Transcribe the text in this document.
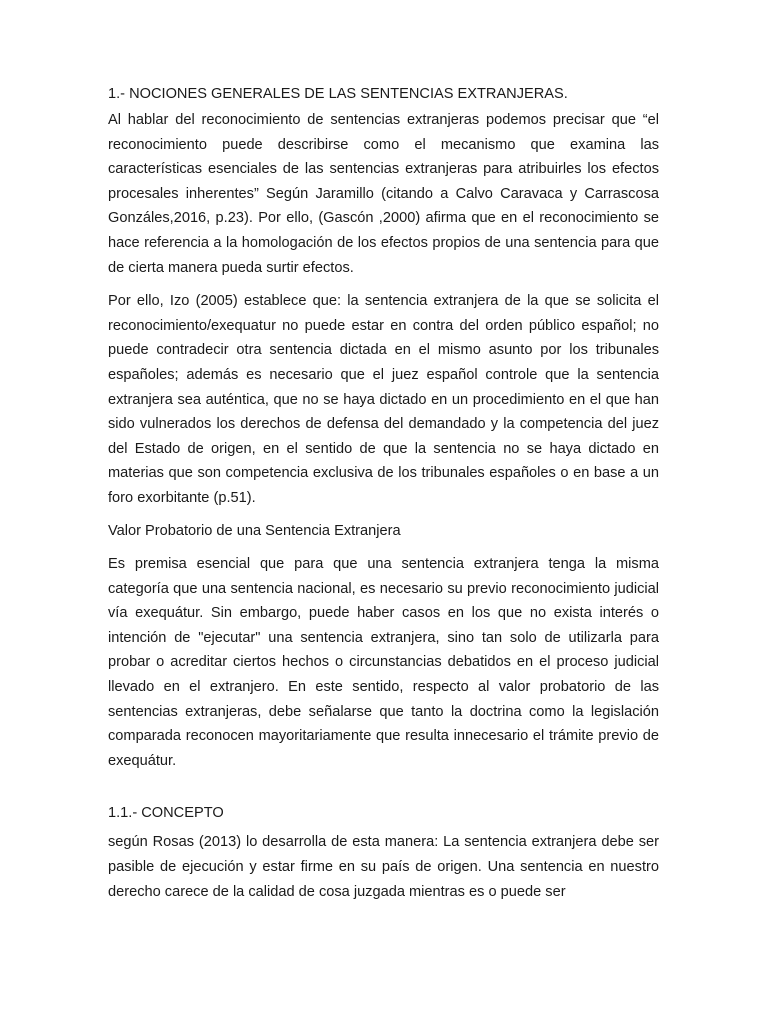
1.- NOCIONES GENERALES DE LAS SENTENCIAS EXTRANJERAS.

Al hablar del reconocimiento de sentencias extranjeras podemos precisar que “el reconocimiento puede describirse como el mecanismo que examina las características esenciales de las sentencias extranjeras para atribuirles los efectos procesales inherentes” Según Jaramillo (citando a Calvo Caravaca y Carrascosa Gonzáles,2016, p.23). Por ello, (Gascón ,2000) afirma que en el reconocimiento se hace referencia a la homologación de los efectos propios de una sentencia para que de cierta manera pueda surtir efectos.

Por ello, Izo (2005) establece que: la sentencia extranjera de la que se solicita el reconocimiento/exequatur no puede estar en contra del orden público español; no puede contradecir otra sentencia dictada en el mismo asunto por los tribunales españoles; además es necesario que el juez español controle que la sentencia extranjera sea auténtica, que no se haya dictado en un procedimiento en el que han sido vulnerados los derechos de defensa del demandado y la competencia del juez del Estado de origen, en el sentido de que la sentencia no se haya dictado en materias que son competencia exclusiva de los tribunales españoles o en base a un foro exorbitante (p.51).

Valor Probatorio de una Sentencia Extranjera

Es premisa esencial que para que una sentencia extranjera tenga la misma categoría que una sentencia nacional, es necesario su previo reconocimiento judicial vía exequátur. Sin embargo, puede haber casos en los que no exista interés o intención de "ejecutar" una sentencia extranjera, sino tan solo de utilizarla para probar o acreditar ciertos hechos o circunstancias debatidos en el proceso judicial llevado en el extranjero. En este sentido, respecto al valor probatorio de las sentencias extranjeras, debe señalarse que tanto la doctrina como la legislación comparada reconocen mayoritariamente que resulta innecesario el trámite previo de exequátur.

1.1.- CONCEPTO

según Rosas (2013) lo desarrolla de esta manera: La sentencia extranjera debe ser pasible de ejecución y estar firme en su país de origen. Una sentencia en nuestro derecho carece de la calidad de cosa juzgada mientras es o puede ser
